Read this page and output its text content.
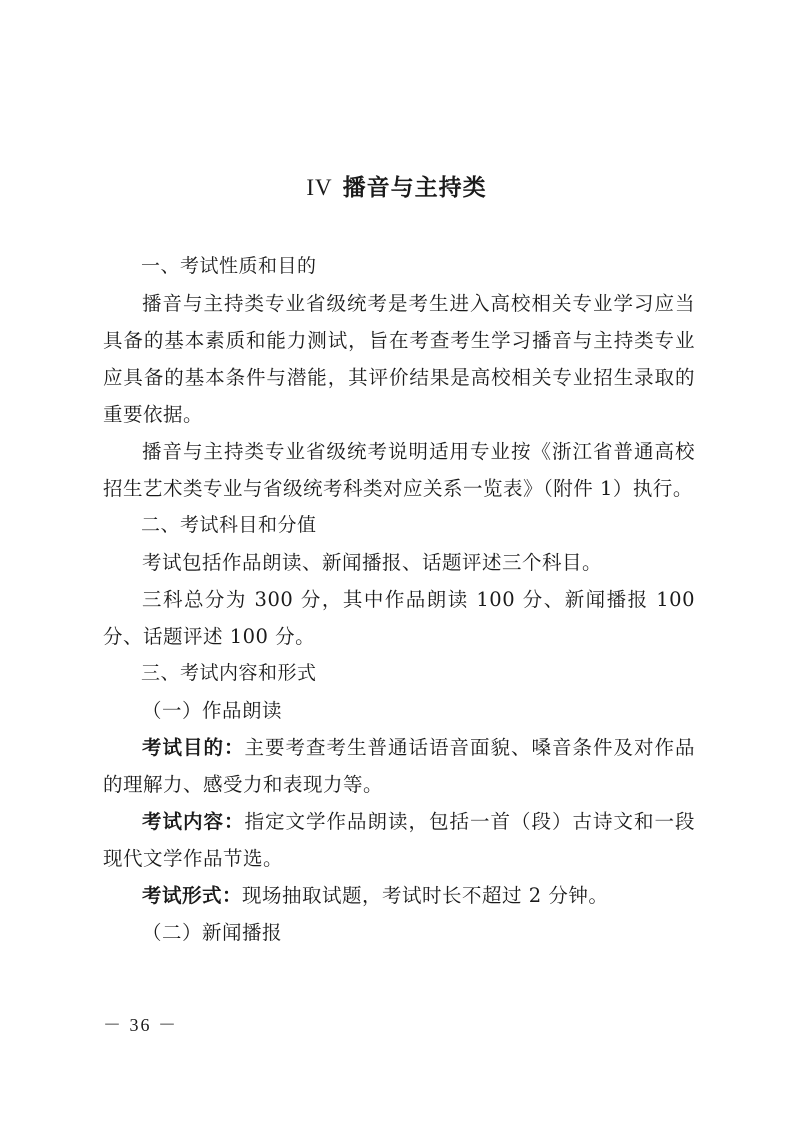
IV 播音与主持类

一、考试性质和目的

播音与主持类专业省级统考是考生进入高校相关专业学习应当具备的基本素质和能力测试，旨在考查考生学习播音与主持类专业应具备的基本条件与潜能，其评价结果是高校相关专业招生录取的重要依据。

播音与主持类专业省级统考说明适用专业按《浙江省普通高校招生艺术类专业与省级统考科类对应关系一览表》（附件 1）执行。

二、考试科目和分值

考试包括作品朗读、新闻播报、话题评述三个科目。

三科总分为 300 分，其中作品朗读 100 分、新闻播报 100 分、话题评述 100 分。

三、考试内容和形式

（一）作品朗读

考试目的：主要考查考生普通话语音面貌、嗓音条件及对作品的理解力、感受力和表现力等。

考试内容：指定文学作品朗读，包括一首（段）古诗文和一段现代文学作品节选。

考试形式：现场抽取试题，考试时长不超过 2 分钟。

（二）新闻播报

－ 36 －
